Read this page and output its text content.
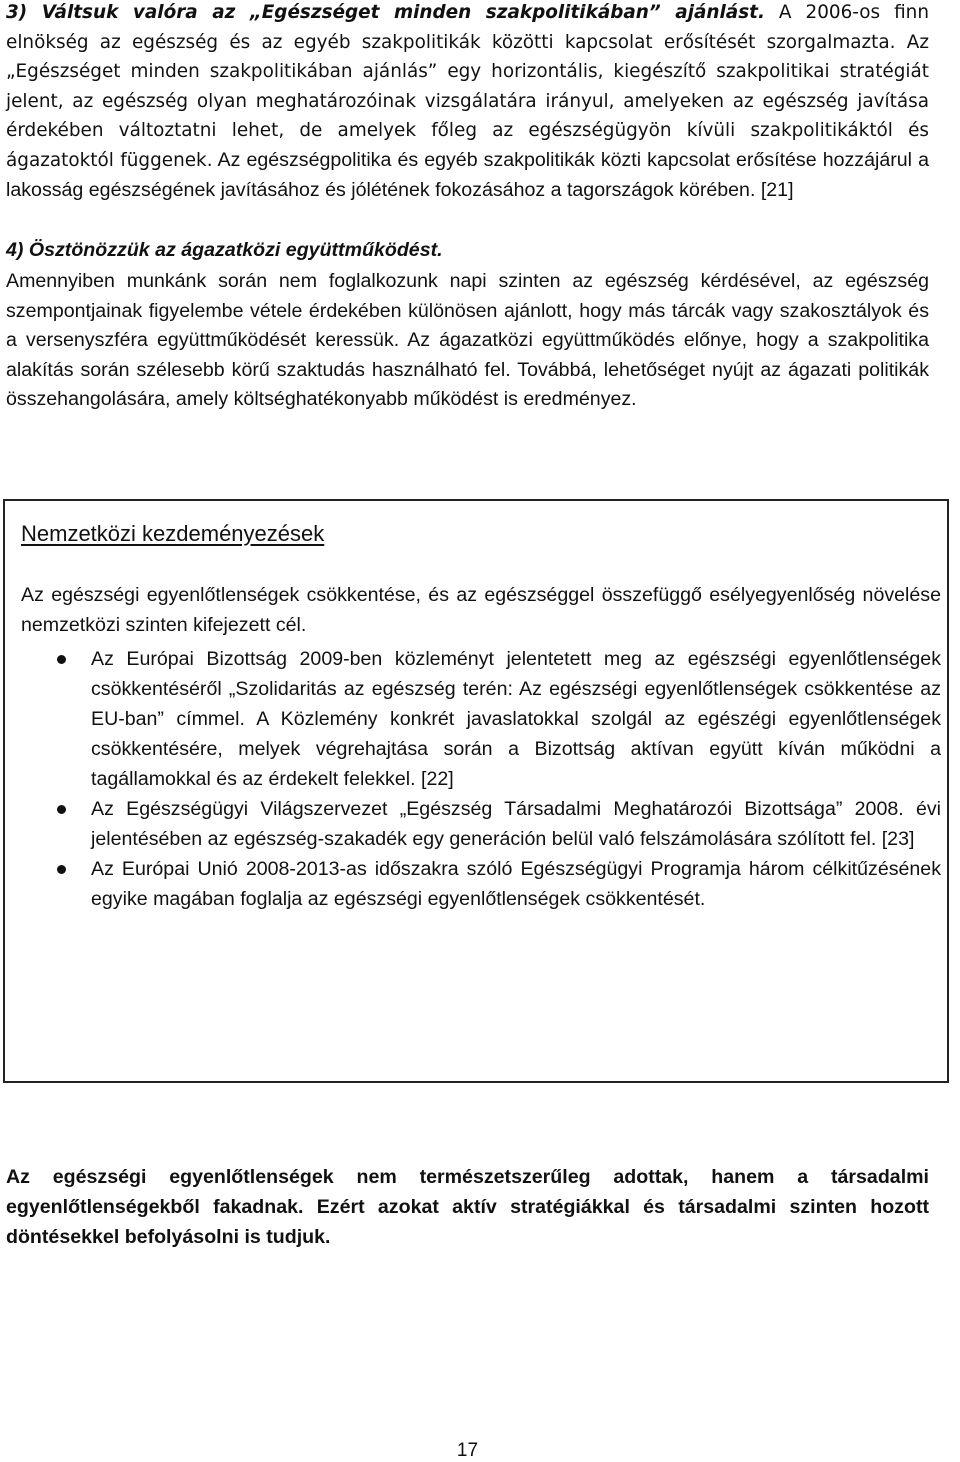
3) Váltsuk valóra az „Egészséget minden szakpolitikában” ajánlást. A 2006-os finn elnökség az egészség és az egyéb szakpolitikák közötti kapcsolat erősítését szorgalmazta. Az „Egészséget minden szakpolitikában ajánlás” egy horizontális, kiegészítő szakpolitikai stratégiát jelent, az egészség olyan meghatározóinak vizsgálatára irányul, amelyeken az egészség javítása érdekében változtatni lehet, de amelyek főleg az egészségügyön kívüli szakpolitikáktól és ágazatoktól függenek. Az egészségpolitika és egyéb szakpolitikák közti kapcsolat erősítése hozzájárul a lakosság egészségének javításához és jólétének fokozásához a tagországok körében. [21]

4) Ösztönözzük az ágazatközi együttműködést.

Amennyiben munkánk során nem foglalkozunk napi szinten az egészség kérdésével, az egészség szempontjainak figyelembe vétele érdekében különösen ajánlott, hogy más tárcák vagy szakosztályok és a versenyszféra együttműködését keressük. Az ágazatközi együttműködés előnye, hogy a szakpolitika alakítás során szélesebb körű szaktudás használható fel. Továbbá, lehetőséget nyújt az ágazati politikák összehangolására, amely költséghatékonyabb működést is eredményez.

Nemzetközi kezdeményezések

Az egészségi egyenlőtlenségek csökkentése, és az egészséggel összefüggő esélyegyenlőség növelése nemzetközi szinten kifejezett cél.

Az Európai Bizottság 2009-ben közleményt jelentetett meg az egészségi egyenlőtlenségek csökkentéséről „Szolidaritás az egészség terén: Az egészségi egyenlőtlenségek csökkentése az EU-ban” címmel. A Közlemény konkrét javaslatokkal szolgál az egészégi egyenlőtlenségek csökkentésére, melyek végrehajtása során a Bizottság aktívan együtt kíván működni a tagállamokkal és az érdekelt felekkel. [22]
Az Egészségügyi Világszervezet „Egészség Társadalmi Meghatározói Bizottsága” 2008. évi jelentésében az egészség-szakadék egy generáción belül való felszámolására szólított fel. [23]
Az Európai Unió 2008-2013-as időszakra szóló Egészségügyi Programja három célkitűzésének egyike magában foglalja az egészségi egyenlőtlenségek csökkentését.

Az egészségi egyenlőtlenségek nem természetszerűleg adottak, hanem a társadalmi egyenlőtlenségekből fakadnak. Ezért azokat aktív stratégiákkal és társadalmi szinten hozott döntésekkel befolyásolni is tudjuk.

17
